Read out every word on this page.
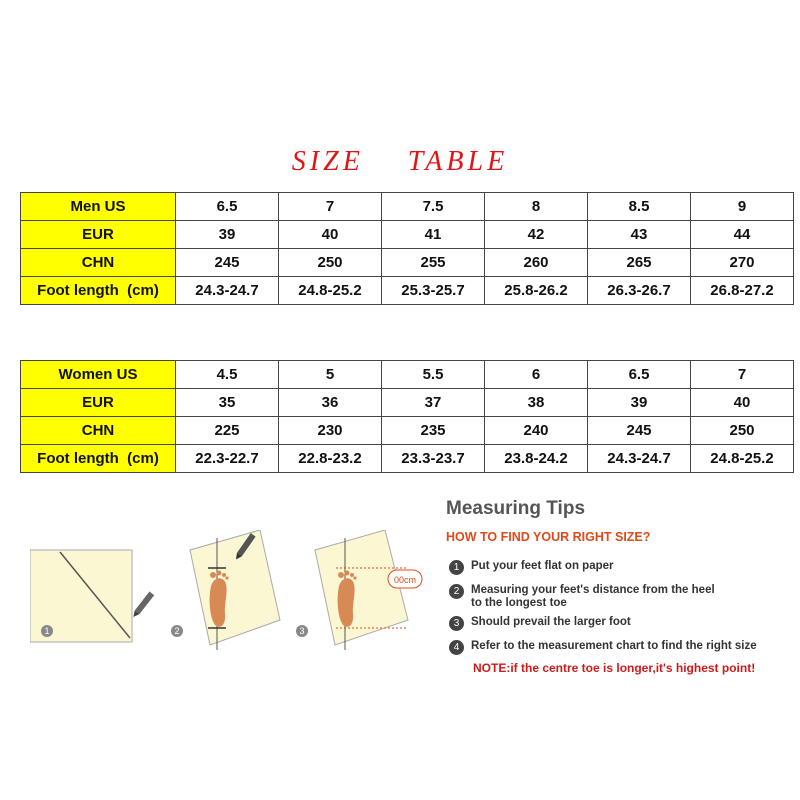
SIZE    TABLE
Men US	6.5	7	7.5	8	8.5	9
EUR	39	40	41	42	43	44
CHN	245	250	255	260	265	270
Foot length  (cm)	24.3-24.7	24.8-25.2	25.3-25.7	25.8-26.2	26.3-26.7	26.8-27.2
Women US	4.5	5	5.5	6	6.5	7
EUR	35	36	37	38	39	40
CHN	225	230	235	240	245	250
Foot length  (cm)	22.3-22.7	22.8-23.2	23.3-23.7	23.8-24.2	24.3-24.7	24.8-25.2
1	2
00cm
3
Measuring Tips
HOW TO FIND YOUR RIGHT SIZE?
1 Put your feet flat on paper
2 Measuring your feet's distance from the heel
to the longest toe
3 Should prevail the larger foot
4 Refer to the measurement chart to find the right size
NOTE:if the centre toe is longer,it's highest point!
